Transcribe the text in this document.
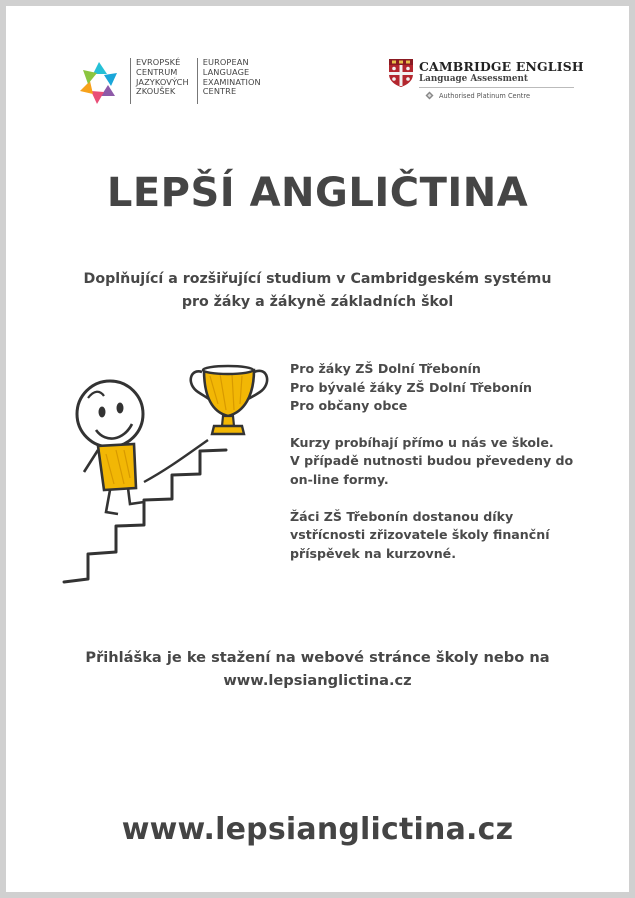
EVROPSKÉ
CENTRUM
JAZYKOVÝCH
ZKOUŠEK
EUROPEAN
LANGUAGE
EXAMINATION
CENTRE
CAMBRIDGE ENGLISH
Language Assessment
Authorised Platinum Centre
LEPŠÍ ANGLIČTINA
Doplňující a rozšiřující studium v Cambridgeském systému
pro žáky a žákyně základních škol
Pro žáky ZŠ Dolní Třebonín
Pro bývalé žáky ZŠ Dolní Třebonín
Pro občany obce
Kurzy probíhají přímo u nás ve škole.
V případě nutnosti budou převedeny do
on-line formy.
Žáci ZŠ Třebonín dostanou díky
vstřícnosti zřizovatele školy finanční
příspěvek na kurzovné.
Přihláška je ke stažení na webové stránce školy nebo na
www.lepsianglictina.cz
www.lepsianglictina.cz
